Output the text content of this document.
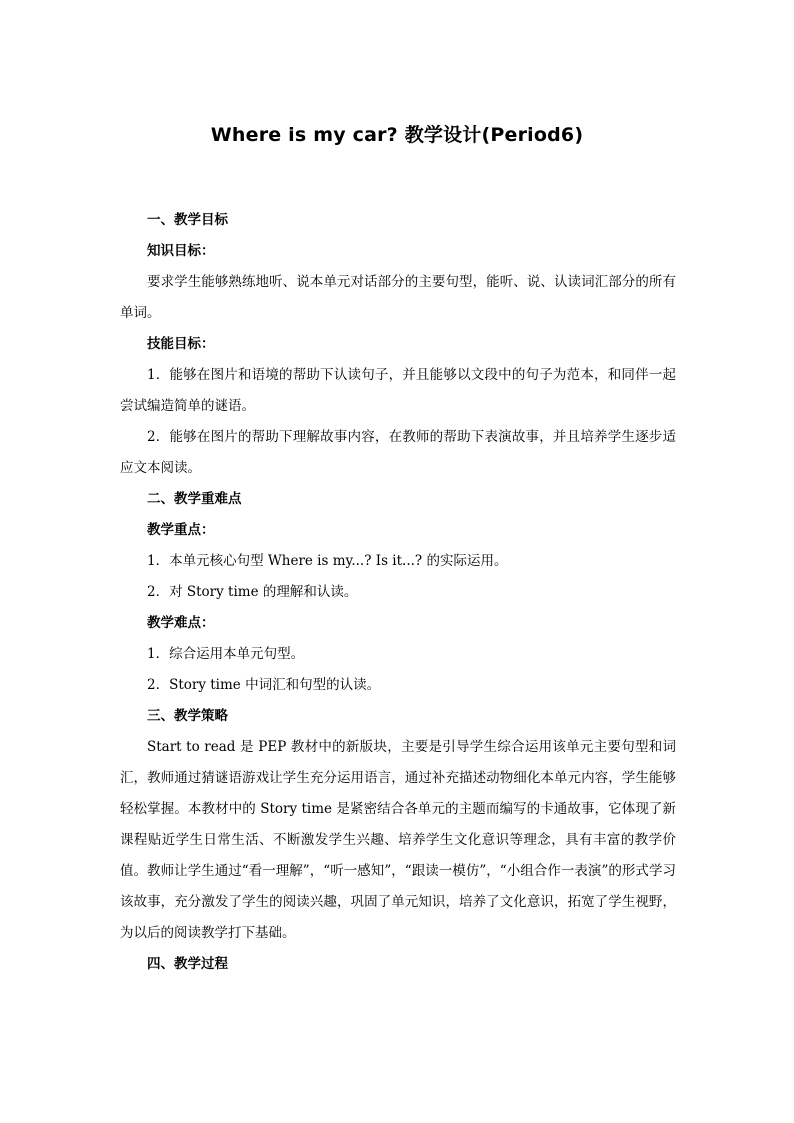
Where is my car? 教学设计(Period6)
一、教学目标
知识目标：
要求学生能够熟练地听、说本单元对话部分的主要句型，能听、说、认读词汇部分的所有单词。
技能目标：
1．能够在图片和语境的帮助下认读句子，并且能够以文段中的句子为范本，和同伴一起尝试编造简单的谜语。
2．能够在图片的帮助下理解故事内容，在教师的帮助下表演故事，并且培养学生逐步适应文本阅读。
二、教学重难点
教学重点：
1．本单元核心句型 Where is my...? Is it...? 的实际运用。
2．对 Story time 的理解和认读。
教学难点：
1．综合运用本单元句型。
2．Story time 中词汇和句型的认读。
三、教学策略
Start to read 是 PEP 教材中的新版块，主要是引导学生综合运用该单元主要句型和词汇，教师通过猜谜语游戏让学生充分运用语言，通过补充描述动物细化本单元内容，学生能够轻松掌握。本教材中的 Story time 是紧密结合各单元的主题而编写的卡通故事，它体现了新课程贴近学生日常生活、不断激发学生兴趣、培养学生文化意识等理念，具有丰富的教学价值。教师让学生通过“看一理解”，“听一感知”，“跟读一模仿”，“小组合作一表演”的形式学习该故事，充分激发了学生的阅读兴趣，巩固了单元知识，培养了文化意识，拓宽了学生视野，为以后的阅读教学打下基础。
四、教学过程
